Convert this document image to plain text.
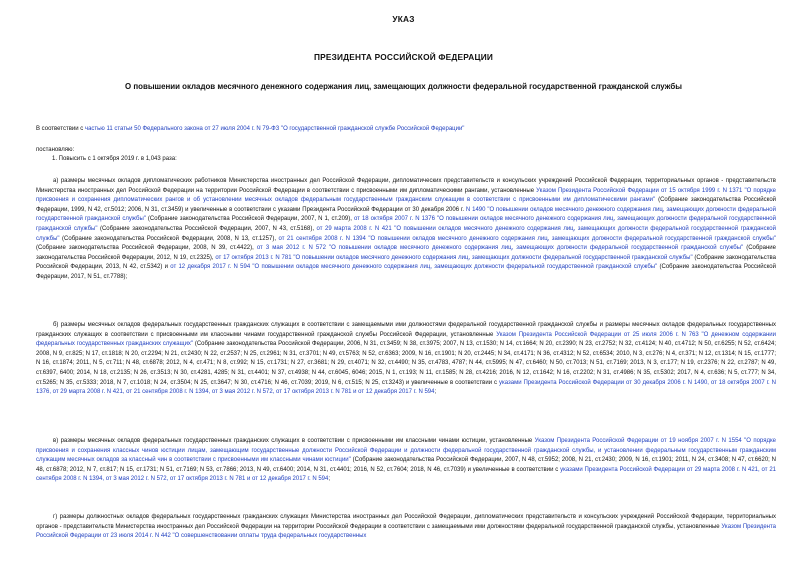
УКАЗ
ПРЕЗИДЕНТА РОССИЙСКОЙ ФЕДЕРАЦИИ
О повышении окладов месячного денежного содержания лиц, замещающих должности федеральной государственной гражданской службы
В соответствии с частью 11 статьи 50 Федерального закона от 27 июля 2004 г. N 79-ФЗ "О государственной гражданской службе Российской Федерации"
постановляю:
1. Повысить с 1 октября 2019 г. в 1,043 раза:
а) размеры месячных окладов дипломатических работников Министерства иностранных дел Российской Федерации, дипломатических представительств и консульских учреждений Российской Федерации, территориальных органов - представительств Министерства иностранных дел Российской Федерации на территории Российской Федерации в соответствии с присвоенными им дипломатическими рангами, установленные Указом Президента Российской Федерации от 15 октября 1999 г. N 1371 "О порядке присвоения и сохранения дипломатических рангов и об установлении месячных окладов федеральным государственным гражданским служащим в соответствии с присвоенными им дипломатическими рангами" (Собрание законодательства Российской Федерации, 1999, N 42, ст.5012; 2006, N 31, ст.3459) и увеличенные в соответствии с указами Президента Российской Федерации от 30 декабря 2006 г. N 1490 "О повышении окладов месячного денежного содержания лиц, замещающих должности федеральной государственной гражданской службы" (Собрание законодательства Российской Федерации, 2007, N 1, ст.209), от 18 октября 2007 г. N 1376 "О повышении окладов месячного денежного содержания лиц, замещающих должности федеральной государственной гражданской службы" (Собрание законодательства Российской Федерации, 2007, N 43, ст.5168), от 29 марта 2008 г. N 421 "О повышении окладов месячного денежного содержания лиц, замещающих должности федеральной государственной гражданской службы" (Собрание законодательства Российской Федерации, 2008, N 13, ст.1257), от 21 сентября 2008 г. N 1394 "О повышении окладов месячного денежного содержания лиц, замещающих должности федеральной государственной гражданской службы" (Собрание законодательства Российской Федерации, 2008, N 39, ст.4422), от 3 мая 2012 г. N 572 "О повышении окладов месячного денежного содержания лиц, замещающих должности федеральной государственной гражданской службы" (Собрание законодательства Российской Федерации, 2012, N 19, ст.2325), от 17 октября 2013 г. N 781 "О повышении окладов месячного денежного содержания лиц, замещающих должности федеральной государственной гражданской службы" (Собрание законодательства Российской Федерации, 2013, N 42, ст.5342) и от 12 декабря 2017 г. N 594 "О повышении окладов месячного денежного содержания лиц, замещающих должности федеральной государственной гражданской службы" (Собрание законодательства Российской Федерации, 2017, N 51, ст.7788);
б) размеры месячных окладов федеральных государственных гражданских служащих в соответствии с замещаемыми ими должностями федеральной государственной гражданской службы и размеры месячных окладов федеральных государственных гражданских служащих в соответствии с присвоенными им классными чинами государственной гражданской службы Российской Федерации, установленные Указом Президента Российской Федерации от 25 июля 2006 г. N 763 "О денежном содержании федеральных государственных гражданских служащих" (Собрание законодательства Российской Федерации, 2006, N 31, ст.3459; N 38, ст.3975; 2007, N 13, ст.1530; N 14, ст.1664; N 20, ст.2390; N 23, ст.2752; N 32, ст.4124; N 40, ст.4712; N 50, ст.6255; N 52, ст.6424; 2008, N 9, ст.825; N 17, ст.1818; N 20, ст.2294; N 21, ст.2430; N 22, ст.2537; N 25, ст.2961; N 31, ст.3701; N 49, ст.5763; N 52, ст.6363; 2009, N 16, ст.1901; N 20, ст.2445; N 34, ст.4171; N 36, ст.4312; N 52, ст.6534; 2010, N 3, ст.276; N 4, ст.371; N 12, ст.1314; N 15, ст.1777; N 16, ст.1874; 2011, N 5, ст.711; N 48, ст.6878; 2012, N 4, ст.471; N 8, ст.992; N 15, ст.1731; N 27, ст.3681; N 29, ст.4071; N 32, ст.4490; N 35, ст.4783, 4787; N 44, ст.5995; N 47, ст.6460; N 50, ст.7013; N 51, ст.7169; 2013, N 3, ст.177; N 19, ст.2376; N 22, ст.2787; N 49, ст.6397, 6400; 2014, N 18, ст.2135; N 26, ст.3513; N 30, ст.4281, 4285; N 31, ст.4401; N 37, ст.4938; N 44, ст.6045, 6046; 2015, N 1, ст.193; N 11, ст.1585; N 28, ст.4216; 2016, N 12, ст.1642; N 16, ст.2202; N 31, ст.4986; N 35, ст.5302; 2017, N 4, ст.636; N 5, ст.777; N 34, ст.5265; N 35, ст.5333; 2018, N 7, ст.1018; N 24, ст.3504; N 25, ст.3647; N 30, ст.4716; N 46, ст.7039; 2019, N 6, ст.515; N 25, ст.3243) и увеличенные в соответствии с указами Президента Российской Федерации от 30 декабря 2006 г. N 1490, от 18 октября 2007 г. N 1376, от 29 марта 2008 г. N 421, от 21 сентября 2008 г. N 1394, от 3 мая 2012 г. N 572, от 17 октября 2013 г. N 781 и от 12 декабря 2017 г. N 594;
в) размеры месячных окладов федеральных государственных гражданских служащих в соответствии с присвоенными им классными чинами юстиции, установленные Указом Президента Российской Федерации от 19 ноября 2007 г. N 1554 "О порядке присвоения и сохранения классных чинов юстиции лицам, замещающим государственные должности Российской Федерации и должности федеральной государственной гражданской службы, и установлении федеральным государственным гражданским служащим месячных окладов за классный чин в соответствии с присвоенными им классными чинами юстиции" (Собрание законодательства Российской Федерации, 2007, N 48, ст.5952; 2008, N 21, ст.2430; 2009, N 16, ст.1901; 2011, N 24, ст.3408; N 47, ст.6620; N 48, ст.6878; 2012, N 7, ст.817; N 15, ст.1731; N 51, ст.7169; N 53, ст.7866; 2013, N 49, ст.6400; 2014, N 31, ст.4401; 2016, N 52, ст.7604; 2018, N 46, ст.7039) и увеличенные в соответствии с указами Президента Российской Федерации от 29 марта 2008 г. N 421, от 21 сентября 2008 г. N 1394, от 3 мая 2012 г. N 572, от 17 октября 2013 г. N 781 и от 12 декабря 2017 г. N 594;
г) размеры должностных окладов федеральных государственных гражданских служащих Министерства иностранных дел Российской Федерации, дипломатических представительств и консульских учреждений Российской Федерации, территориальных органов - представительств Министерства иностранных дел Российской Федерации на территории Российской Федерации в соответствии с замещаемыми ими должностями федеральной государственной гражданской службы, установленные Указом Президента Российской Федерации от 23 июля 2014 г. N 442 "О совершенствовании оплаты труда федеральных государственных
